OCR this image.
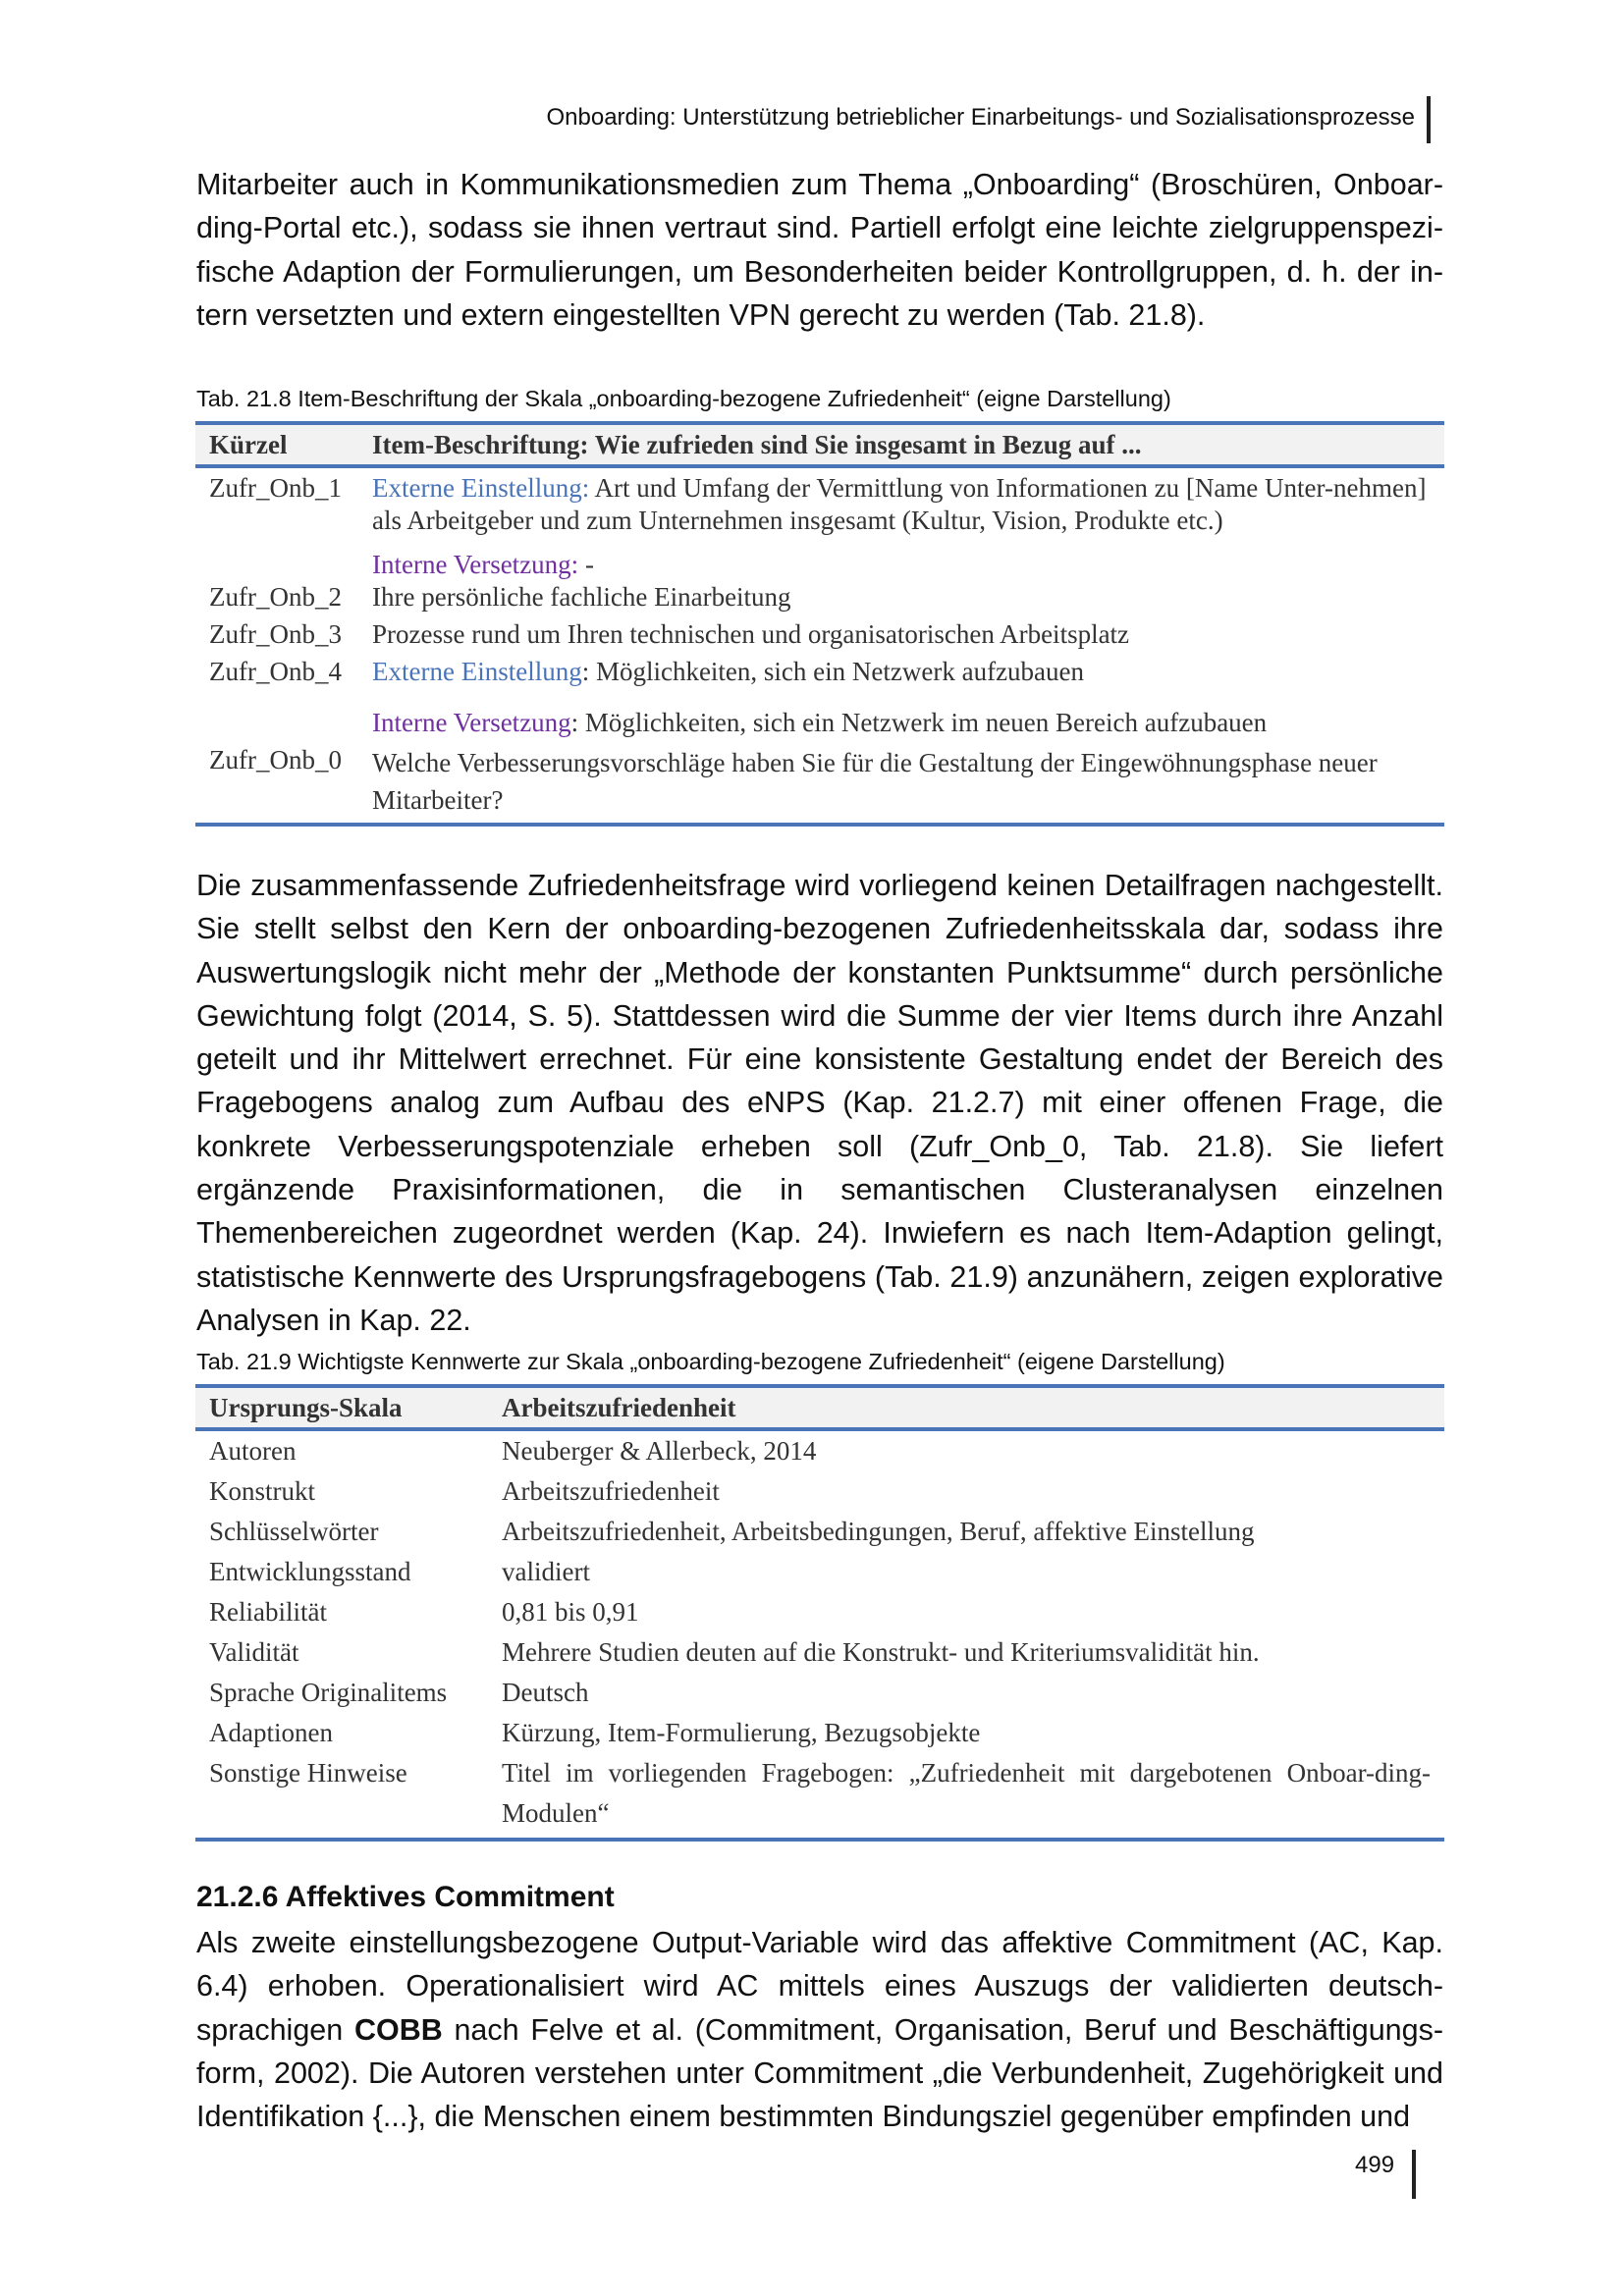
Onboarding: Unterstützung betrieblicher Einarbeitungs- und Sozialisationsprozesse
Mitarbeiter auch in Kommunikationsmedien zum Thema „Onboarding“ (Broschüren, Onboarding-Portal etc.), sodass sie ihnen vertraut sind. Partiell erfolgt eine leichte zielgruppenspezifische Adaption der Formulierungen, um Besonderheiten beider Kontrollgruppen, d. h. der intern versetzten und extern eingestellten VPN gerecht zu werden (Tab. 21.8).
Tab. 21.8 Item-Beschriftung der Skala „onboarding-bezogene Zufriedenheit“ (eigne Darstellung)
Kürzel	Item-Beschriftung: Wie zufrieden sind Sie insgesamt in Bezug auf ...
Zufr_Onb_1	Externe Einstellung: Art und Umfang der Vermittlung von Informationen zu [Name Unter-nehmen] als Arbeitgeber und zum Unternehmen insgesamt (Kultur, Vision, Produkte etc.)
	Interne Versetzung: -
Zufr_Onb_2	Ihre persönliche fachliche Einarbeitung
Zufr_Onb_3	Prozesse rund um Ihren technischen und organisatorischen Arbeitsplatz
Zufr_Onb_4	Externe Einstellung: Möglichkeiten, sich ein Netzwerk aufzubauen
	Interne Versetzung: Möglichkeiten, sich ein Netzwerk im neuen Bereich aufzubauen
Zufr_Onb_0	Welche Verbesserungsvorschläge haben Sie für die Gestaltung der Eingewöhnungsphase neuer Mitarbeiter?
Die zusammenfassende Zufriedenheitsfrage wird vorliegend keinen Detailfragen nachgestellt. Sie stellt selbst den Kern der onboarding-bezogenen Zufriedenheitsskala dar, sodass ihre Auswertungslogik nicht mehr der „Methode der konstanten Punktsumme“ durch persönliche Gewichtung folgt (2014, S. 5). Stattdessen wird die Summe der vier Items durch ihre Anzahl geteilt und ihr Mittelwert errechnet. Für eine konsistente Gestaltung endet der Bereich des Fragebogens analog zum Aufbau des eNPS (Kap. 21.2.7) mit einer offenen Frage, die konkrete Verbesserungspotenziale erheben soll (Zufr_Onb_0, Tab. 21.8). Sie liefert ergänzende Praxisinformationen, die in semantischen Clusteranalysen einzelnen Themenbereichen zugeordnet werden (Kap. 24). Inwiefern es nach Item-Adaption gelingt, statistische Kennwerte des Ursprungsfragebogens (Tab. 21.9) anzunähern, zeigen explorative Analysen in Kap. 22.
Tab. 21.9 Wichtigste Kennwerte zur Skala „onboarding-bezogene Zufriedenheit“ (eigene Darstellung)
Ursprungs-Skala	Arbeitszufriedenheit
Autoren	Neuberger & Allerbeck, 2014
Konstrukt	Arbeitszufriedenheit
Schlüsselwörter	Arbeitszufriedenheit, Arbeitsbedingungen, Beruf, affektive Einstellung
Entwicklungsstand	validiert
Reliabilität	0,81 bis 0,91
Validität	Mehrere Studien deuten auf die Konstrukt- und Kriteriumsvalidität hin.
Sprache Originalitems	Deutsch
Adaptionen	Kürzung, Item-Formulierung, Bezugsobjekte
Sonstige Hinweise	Titel im vorliegenden Fragebogen: „Zufriedenheit mit dargebotenen Onboar-ding-Modulen“
21.2.6 Affektives Commitment
Als zweite einstellungsbezogene Output-Variable wird das affektive Commitment (AC, Kap. 6.4) erhoben. Operationalisiert wird AC mittels eines Auszugs der validierten deutschsprachigen COBB nach Felve et al. (Commitment, Organisation, Beruf und Beschäftigungsform, 2002). Die Autoren verstehen unter Commitment „die Verbundenheit, Zugehörigkeit und Identifikation {...}, die Menschen einem bestimmten Bindungsziel gegenüber empfinden und
499
